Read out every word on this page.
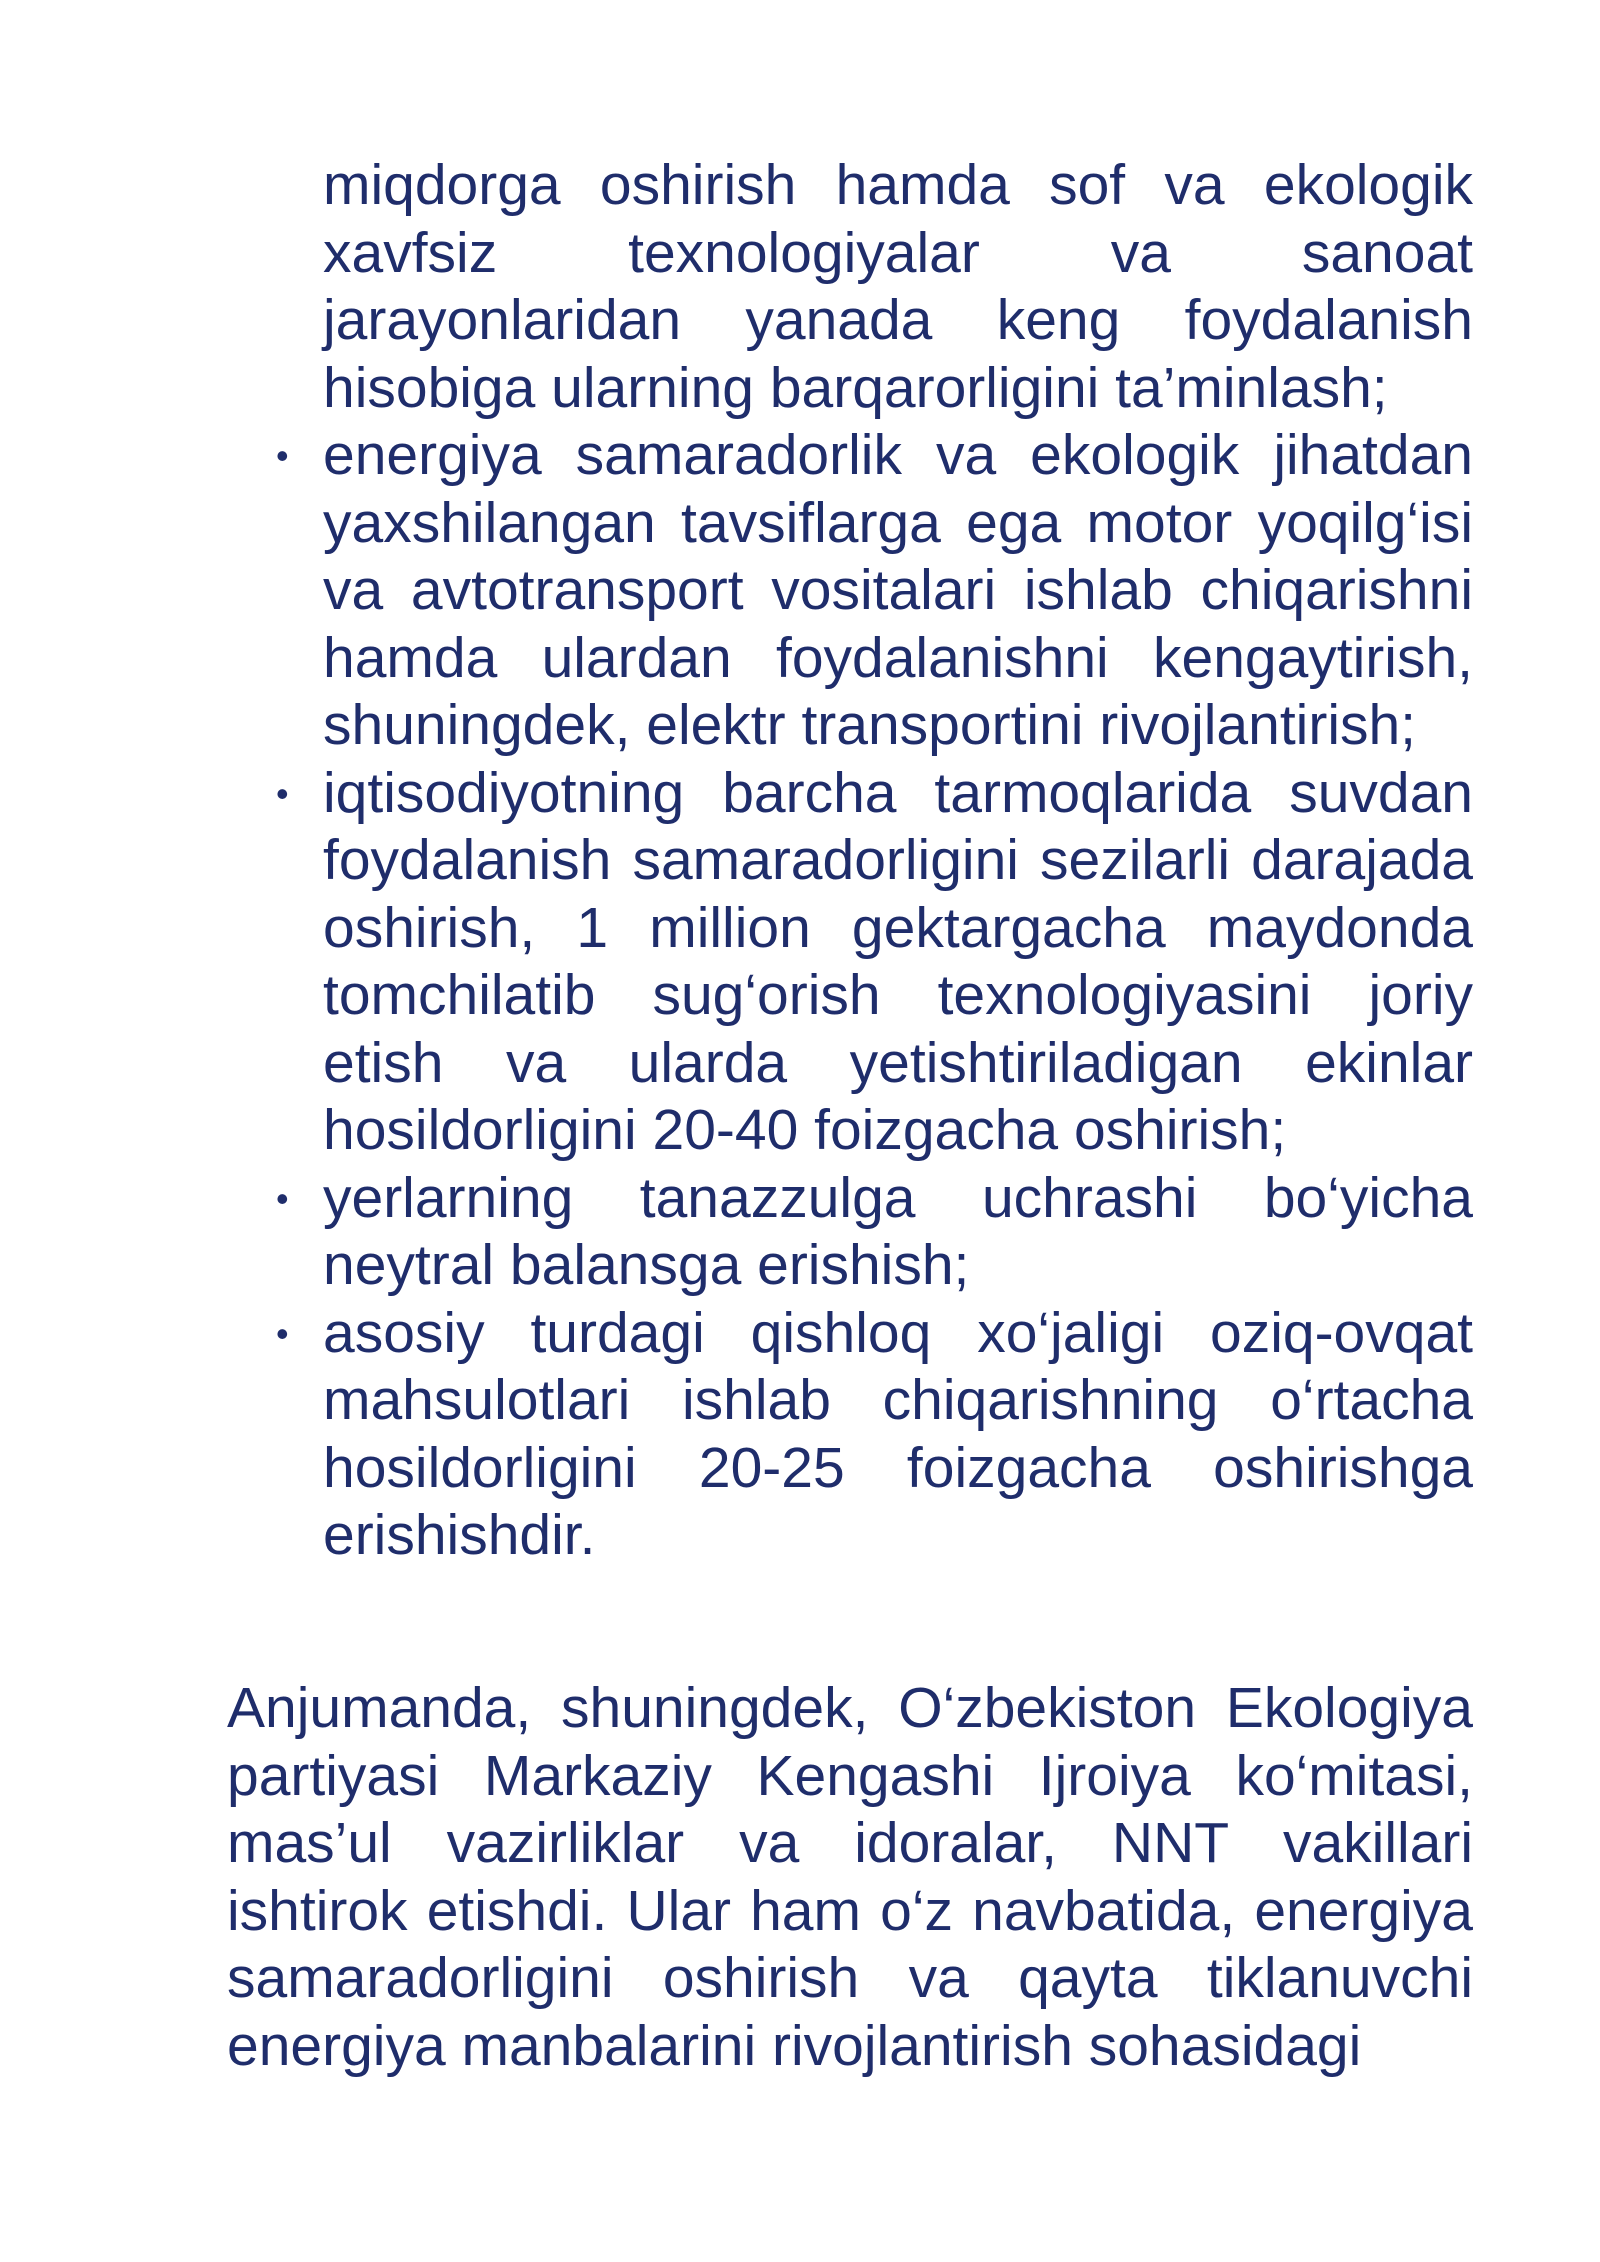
miqdorga oshirish hamda sof va ekologik xavfsiz texnologiyalar va sanoat jarayonlaridan yanada keng foydalanish hisobiga ularning barqarorligini ta’minlash;
• energiya samaradorlik va ekologik jihatdan yaxshilangan tavsiflarga ega motor yoqilg‘isi va avtotransport vositalari ishlab chiqarishni hamda ulardan foydalanishni kengaytirish, shuningdek, elektr transportini rivojlantirish;
• iqtisodiyotning barcha tarmoqlarida suvdan foydalanish samaradorligini sezilarli darajada oshirish, 1 million gektargacha maydonda tomchilatib sug‘orish texnologiyasini joriy etish va ularda yetishtiriladigan ekinlar hosildorligini 20-40 foizgacha oshirish;
• yerlarning tanazzulga uchrashi bo‘yicha neytral balansga erishish;
• asosiy turdagi qishloq xo‘jaligi oziq-ovqat mahsulotlari ishlab chiqarishning o‘rtacha hosildorligini 20-25 foizgacha oshirishga erishishdir.

Anjumanda, shuningdek, O‘zbekiston Ekologiya partiyasi Markaziy Kengashi Ijroiya ko‘mitasi, mas’ul vazirliklar va idoralar, NNT vakillari ishtirok etishdi. Ular ham o‘z navbatida, energiya samaradorligini oshirish va qayta tiklanuvchi energiya manbalarini rivojlantirish sohasidagi
